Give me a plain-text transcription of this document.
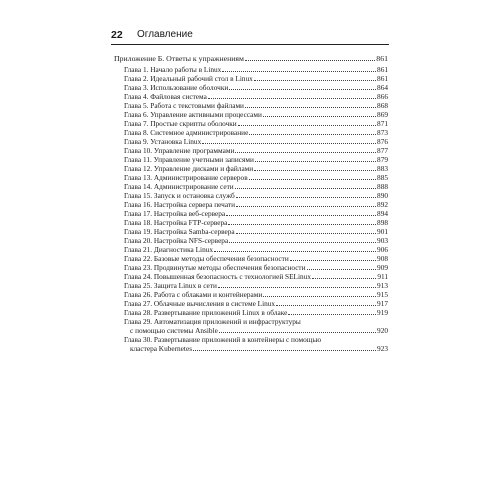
22 Оглавление
Приложение Б. Ответы к упражнениям	861
Глава 1. Начало работы в Linux	861
Глава 2. Идеальный рабочий стол в Linux	861
Глава 3. Использование оболочки	864
Глава 4. Файловая система	866
Глава 5. Работа с текстовыми файлами	868
Глава 6. Управление активными процессами	869
Глава 7. Простые скрипты оболочки	871
Глава 8. Системное администрирование	873
Глава 9. Установка Linux	876
Глава 10. Управление программами	877
Глава 11. Управление учетными записями	879
Глава 12. Управление дисками и файлами	883
Глава 13. Администрирование серверов	885
Глава 14. Администрирование сети	888
Глава 15. Запуск и остановка служб	890
Глава 16. Настройка сервера печати	892
Глава 17. Настройка веб-сервера	894
Глава 18. Настройка FTP-сервера	898
Глава 19. Настройка Samba-сервера	901
Глава 20. Настройка NFS-сервера	903
Глава 21. Диагностика Linux	906
Глава 22. Базовые методы обеспечения безопасности	908
Глава 23. Продвинутые методы обеспечения безопасности	909
Глава 24. Повышенная безопасность с технологией SELinux	911
Глава 25. Защита Linux в сети	913
Глава 26. Работа с облаками и контейнерами	915
Глава 27. Облачные вычисления в системе Linux	917
Глава 28. Развертывание приложений Linux в облаке	919
Глава 29. Автоматизация приложений и инфраструктуры
с помощью системы Ansible	920
Глава 30. Развертывание приложений в контейнеры с помощью
кластера Kubernetes	923
